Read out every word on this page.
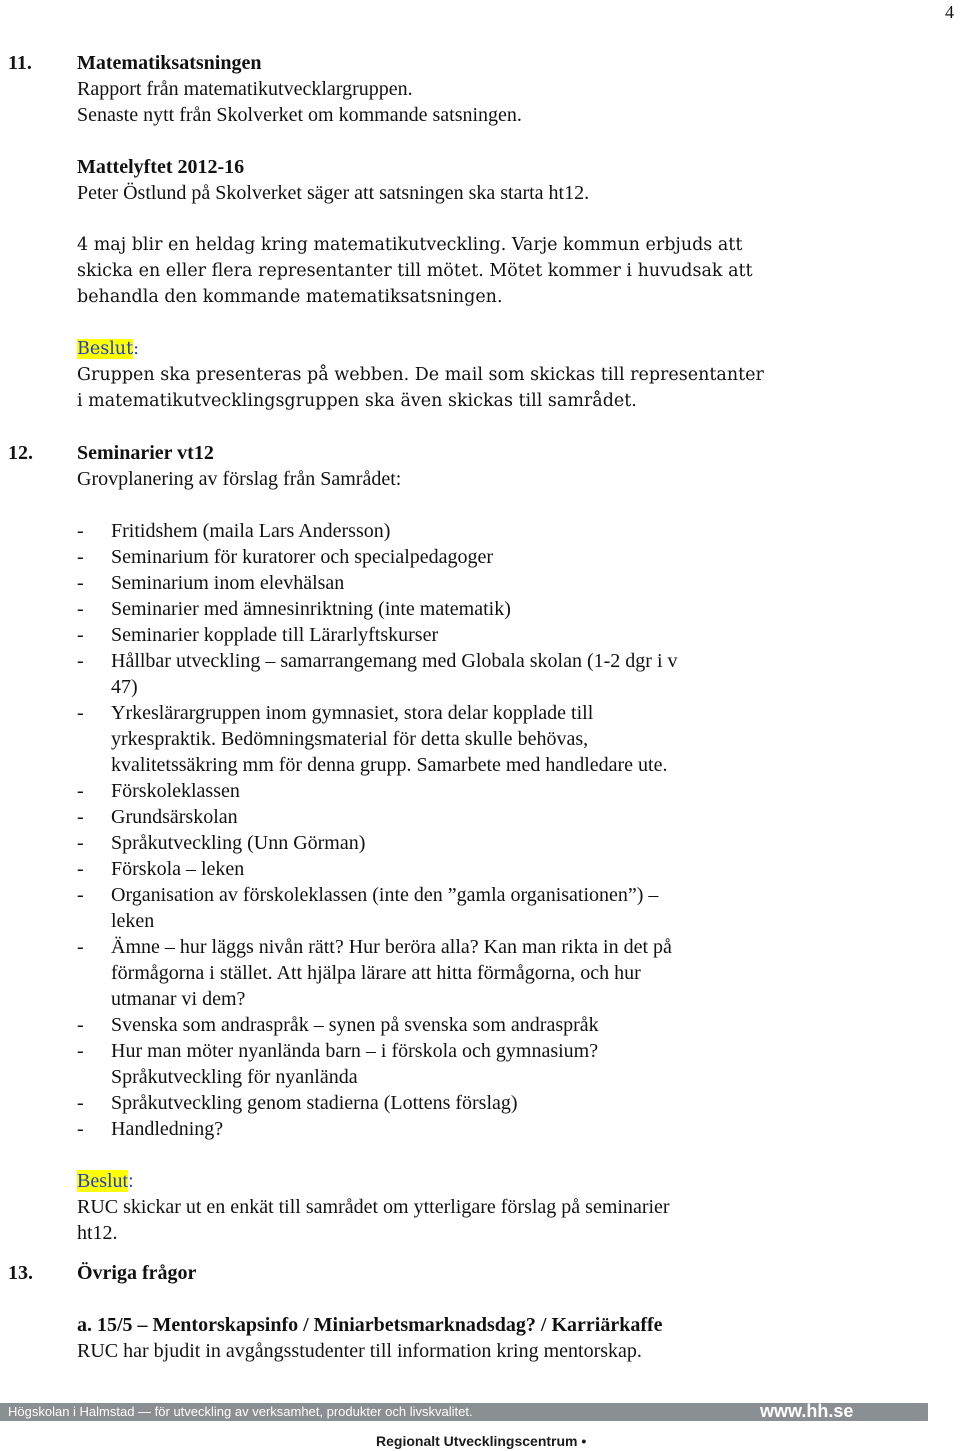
4
11. Matematiksatsningen
Rapport från matematikutvecklargruppen.
Senaste nytt från Skolverket om kommande satsningen.
Mattelyftet 2012-16
Peter Östlund på Skolverket säger att satsningen ska starta ht12.
4 maj blir en heldag kring matematikutveckling. Varje kommun erbjuds att
skicka en eller flera representanter till mötet. Mötet kommer i huvudsak att
behandla den kommande matematiksatsningen.
Beslut:
Gruppen ska presenteras på webben. De mail som skickas till representanter
i matematikutvecklingsgruppen ska även skickas till samrådet.
12. Seminarier vt12
Grovplanering av förslag från Samrådet:
- Fritidshem (maila Lars Andersson)
- Seminarium för kuratorer och specialpedagoger
- Seminarium inom elevhälsan
- Seminarier med ämnesinriktning (inte matematik)
- Seminarier kopplade till Lärarlyftskurser
- Hållbar utveckling – samarrangemang med Globala skolan (1-2 dgr i v
47)
- Yrkeslärargruppen inom gymnasiet, stora delar kopplade till
yrkespraktik. Bedömningsmaterial för detta skulle behövas,
kvalitetssäkring mm för denna grupp. Samarbete med handledare ute.
- Förskoleklassen
- Grundsärskolan
- Språkutveckling (Unn Görman)
- Förskola – leken
- Organisation av förskoleklassen (inte den ”gamla organisationen”) –
leken
- Ämne – hur läggs nivån rätt? Hur beröra alla? Kan man rikta in det på
förmågorna i stället. Att hjälpa lärare att hitta förmågorna, och hur
utmanar vi dem?
- Svenska som andraspråk – synen på svenska som andraspråk
- Hur man möter nyanlända barn – i förskola och gymnasium?
Språkutveckling för nyanlända
- Språkutveckling genom stadierna (Lottens förslag)
- Handledning?
Beslut:
RUC skickar ut en enkät till samrådet om ytterligare förslag på seminarier
ht12.
13. Övriga frågor
a. 15/5 – Mentorskapsinfo / Miniarbetsmarknadsdag? / Karriärkaffe
RUC har bjudit in avgångsstudenter till information kring mentorskap.
Högskolan i Halmstad — för utveckling av verksamhet, produkter och livskvalitet.	www.hh.se
Regionalt Utvecklingscentrum •
